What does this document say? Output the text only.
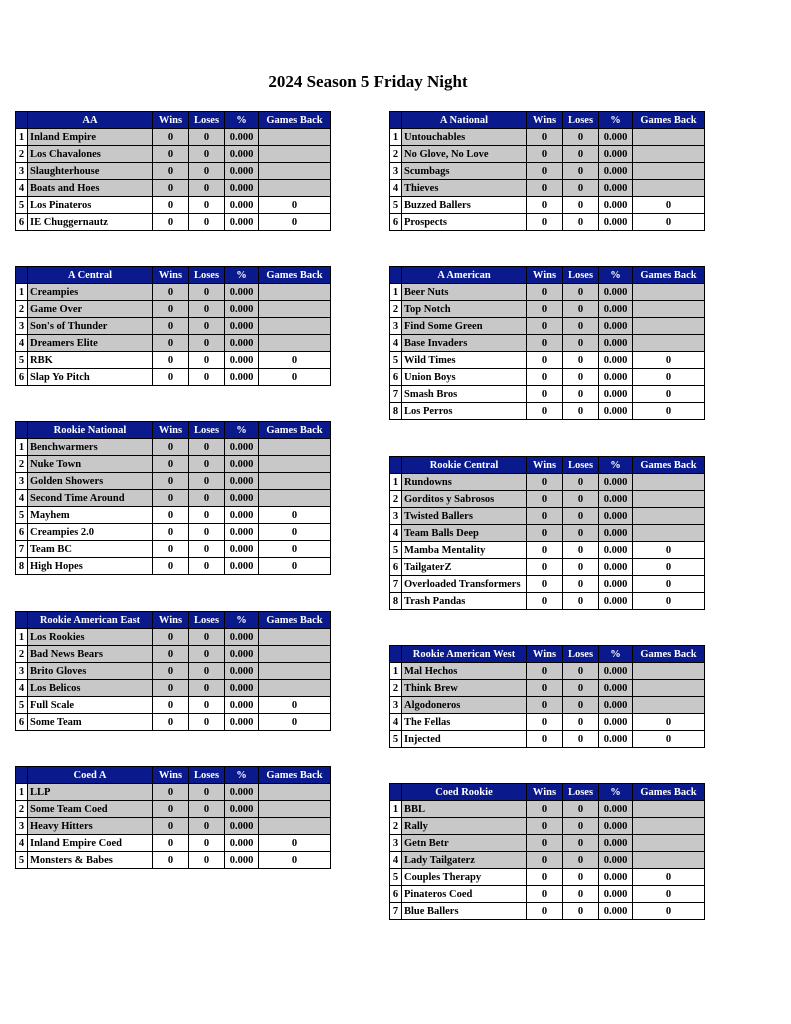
2024 Season 5 Friday Night
	AA	Wins	Loses	%	Games Back
1	Inland Empire	0	0	0.000	
2	Los Chavalones	0	0	0.000	
3	Slaughterhouse	0	0	0.000	
4	Boats and Hoes	0	0	0.000	
5	Los Pinateros	0	0	0.000	0
6	IE Chuggernautz	0	0	0.000	0
	A Central	Wins	Loses	%	Games Back
1	Creampies	0	0	0.000	
2	Game Over	0	0	0.000	
3	Son's of Thunder	0	0	0.000	
4	Dreamers Elite	0	0	0.000	
5	RBK	0	0	0.000	0
6	Slap Yo Pitch	0	0	0.000	0
	Rookie National	Wins	Loses	%	Games Back
1	Benchwarmers	0	0	0.000	
2	Nuke Town	0	0	0.000	
3	Golden Showers	0	0	0.000	
4	Second Time Around	0	0	0.000	
5	Mayhem	0	0	0.000	0
6	Creampies 2.0	0	0	0.000	0
7	Team BC	0	0	0.000	0
8	High Hopes	0	0	0.000	0
	Rookie American East	Wins	Loses	%	Games Back
1	Los Rookies	0	0	0.000	
2	Bad News Bears	0	0	0.000	
3	Brito Gloves	0	0	0.000	
4	Los Belicos	0	0	0.000	
5	Full Scale	0	0	0.000	0
6	Some Team	0	0	0.000	0
	Coed A	Wins	Loses	%	Games Back
1	LLP	0	0	0.000	
2	Some Team Coed	0	0	0.000	
3	Heavy Hitters	0	0	0.000	
4	Inland Empire Coed	0	0	0.000	0
5	Monsters & Babes	0	0	0.000	0
	A National	Wins	Loses	%	Games Back
1	Untouchables	0	0	0.000	
2	No Glove, No Love	0	0	0.000	
3	Scumbags	0	0	0.000	
4	Thieves	0	0	0.000	
5	Buzzed Ballers	0	0	0.000	0
6	Prospects	0	0	0.000	0
	A American	Wins	Loses	%	Games Back
1	Beer Nuts	0	0	0.000	
2	Top Notch	0	0	0.000	
3	Find Some Green	0	0	0.000	
4	Base Invaders	0	0	0.000	
5	Wild Times	0	0	0.000	0
6	Union Boys	0	0	0.000	0
7	Smash Bros	0	0	0.000	0
8	Los Perros	0	0	0.000	0
	Rookie Central	Wins	Loses	%	Games Back
1	Rundowns	0	0	0.000	
2	Gorditos y Sabrosos	0	0	0.000	
3	Twisted Ballers	0	0	0.000	
4	Team Balls Deep	0	0	0.000	
5	Mamba Mentality	0	0	0.000	0
6	TailgaterZ	0	0	0.000	0
7	Overloaded Transformers	0	0	0.000	0
8	Trash Pandas	0	0	0.000	0
	Rookie American West	Wins	Loses	%	Games Back
1	Mal Hechos	0	0	0.000	
2	Think Brew	0	0	0.000	
3	Algodoneros	0	0	0.000	
4	The Fellas	0	0	0.000	0
5	Injected	0	0	0.000	0
	Coed Rookie	Wins	Loses	%	Games Back
1	BBL	0	0	0.000	
2	Rally	0	0	0.000	
3	Getn Betr	0	0	0.000	
4	Lady Tailgaterz	0	0	0.000	
5	Couples Therapy	0	0	0.000	0
6	Pinateros Coed	0	0	0.000	0
7	Blue Ballers	0	0	0.000	0
